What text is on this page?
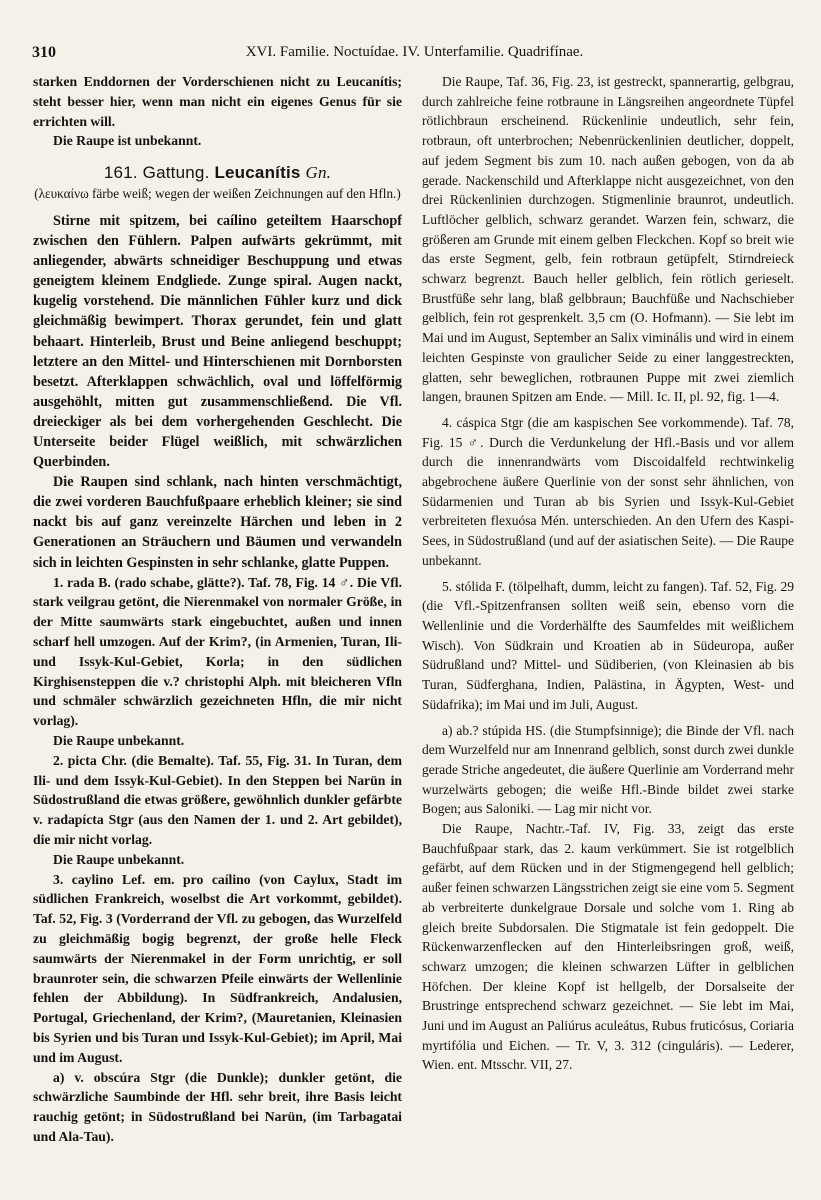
310	XVI. Familie. Noctuídae. IV. Unterfamilie. Quadrifínae.

starken Enddornen der Vorderschienen nicht zu Leucanítis; steht besser hier, wenn man nicht ein eigenes Genus für sie errichten will.

Die Raupe ist unbekannt.

161. Gattung. Leucanítis Gn.
(λευκαίνω färbe weiß; wegen der weißen Zeichnungen auf den Hfln.)

Stirne mit spitzem, bei caílino geteiltem Haarschopf zwischen den Fühlern. Palpen aufwärts gekrümmt, mit anliegender, abwärts schneidiger Beschuppung und etwas geneigtem kleinem Endgliede. Zunge spiral. Augen nackt, kugelig vorstehend. Die männlichen Fühler kurz und dick gleichmäßig bewimpert. Thorax gerundet, fein und glatt behaart. Hinterleib, Brust und Beine anliegend beschuppt; letztere an den Mittel- und Hinterschienen mit Dornborsten besetzt. Afterklappen schwächlich, oval und löffelförmig ausgehöhlt, mitten gut zusammenschließend. Die Vfl. dreieckiger als bei dem vorhergehenden Geschlecht. Die Unterseite beider Flügel weißlich, mit schwärzlichen Querbinden.

Die Raupen sind schlank, nach hinten verschmächtigt, die zwei vorderen Bauchfußpaare erheblich kleiner; sie sind nackt bis auf ganz vereinzelte Härchen und leben in 2 Generationen an Sträuchern und Bäumen und verwandeln sich in leichten Gespinsten in sehr schlanke, glatte Puppen.

1. rada B. (rado schabe, glätte?). Taf. 78, Fig. 14 ♂. Die Vfl. stark veilgrau getönt, die Nierenmakel von normaler Größe, in der Mitte saumwärts stark eingebuchtet, außen und innen scharf hell umzogen. Auf der Krim?, (in Armenien, Turan, Ili- und Issyk-Kul-Gebiet, Korla; in den südlichen Kirghisensteppen die v.? christophi Alph. mit bleicheren Vfln und schmäler schwärzlich gezeichneten Hfln, die mir nicht vorlag).

Die Raupe unbekannt.

2. picta Chr. (die Bemalte). Taf. 55, Fig. 31. In Turan, dem Ili- und dem Issyk-Kul-Gebiet). In den Steppen bei Narün in Südostrußland die etwas größere, gewöhnlich dunkler gefärbte v. radapícta Stgr (aus den Namen der 1. und 2. Art gebildet), die mir nicht vorlag.

Die Raupe unbekannt.

3. caylino Lef. em. pro caílino (von Caylux, Stadt im südlichen Frankreich, woselbst die Art vorkommt, gebildet). Taf. 52, Fig. 3 (Vorderrand der Vfl. zu gebogen, das Wurzelfeld zu gleichmäßig bogig begrenzt, der große helle Fleck saumwärts der Nierenmakel in der Form unrichtig, er soll braunroter sein, die schwarzen Pfeile einwärts der Wellenlinie fehlen der Abbildung). In Südfrankreich, Andalusien, Portugal, Griechenland, der Krim?, (Mauretanien, Kleinasien bis Syrien und bis Turan und Issyk-Kul-Gebiet); im April, Mai und im August.

a) v. obscúra Stgr (die Dunkle); dunkler getönt, die schwärzliche Saumbinde der Hfl. sehr breit, ihre Basis leicht rauchig getönt; in Südostrußland bei Narün, (im Tarbagatai und Ala-Tau).

Die Raupe, Taf. 36, Fig. 23, ist gestreckt, spannerartig, gelbgrau, durch zahlreiche feine rotbraune in Längsreihen angeordnete Tüpfel rötlichbraun erscheinend. Rückenlinie undeutlich, sehr fein, rotbraun, oft unterbrochen; Nebenrückenlinien deutlicher, doppelt, auf jedem Segment bis zum 10. nach außen gebogen, von da ab gerade. Nackenschild und Afterklappe nicht ausgezeichnet, von den drei Rückenlinien durchzogen. Stigmenlinie braunrot, undeutlich. Luftlöcher gelblich, schwarz gerandet. Warzen fein, schwarz, die größeren am Grunde mit einem gelben Fleckchen. Kopf so breit wie das erste Segment, gelb, fein rotbraun getüpfelt, Stirndreieck schwarz begrenzt. Bauch heller gelblich, fein rötlich gerieselt. Brustfüße sehr lang, blaß gelbbraun; Bauchfüße und Nachschieber gelblich, fein rot gesprenkelt. 3,5 cm (O. Hofmann). — Sie lebt im Mai und im August, September an Salix viminális und wird in einem leichten Gespinste von graulicher Seide zu einer langgestreckten, glatten, sehr beweglichen, rotbraunen Puppe mit zwei ziemlich langen, braunen Spitzen am Ende. — Mill. Ic. II, pl. 92, fig. 1—4.

4. cáspica Stgr (die am kaspischen See vorkommende). Taf. 78, Fig. 15 ♂. Durch die Verdunkelung der Hfl.-Basis und vor allem durch die innenrandwärts vom Discoidalfeld rechtwinkelig abgebrochene äußere Querlinie von der sonst sehr ähnlichen, von Südarmenien und Turan ab bis Syrien und Issyk-Kul-Gebiet verbreiteten flexuósa Mén. unterschieden. An den Ufern des Kaspi-Sees, in Südostrußland (und auf der asiatischen Seite). — Die Raupe unbekannt.

5. stólida F. (tölpelhaft, dumm, leicht zu fangen). Taf. 52, Fig. 29 (die Vfl.-Spitzenfransen sollten weiß sein, ebenso vorn die Wellenlinie und die Vorderhälfte des Saumfeldes mit weißlichem Wisch). Von Südkrain und Kroatien ab in Südeuropa, außer Südrußland und? Mittel- und Südiberien, (von Kleinasien ab bis Turan, Südferghana, Indien, Palästina, in Ägypten, West- und Südafrika); im Mai und im Juli, August.

a) ab.? stúpida HS. (die Stumpfsinnige); die Binde der Vfl. nach dem Wurzelfeld nur am Innenrand gelblich, sonst durch zwei dunkle gerade Striche angedeutet, die äußere Querlinie am Vorderrand mehr wurzelwärts gebogen; die weiße Hfl.-Binde bildet zwei starke Bogen; aus Saloniki. — Lag mir nicht vor.

Die Raupe, Nachtr.-Taf. IV, Fig. 33, zeigt das erste Bauchfußpaar stark, das 2. kaum verkümmert. Sie ist rotgelblich gefärbt, auf dem Rücken und in der Stigmengegend hell gelblich; außer feinen schwarzen Längsstrichen zeigt sie eine vom 5. Segment ab verbreiterte dunkelgraue Dorsale und solche vom 1. Ring ab gleich breite Subdorsalen. Die Stigmatale ist fein gedoppelt. Die Rückenwarzenflecken auf den Hinterleibsringen groß, weiß, schwarz umzogen; die kleinen schwarzen Lüfter in gelblichen Höfchen. Der kleine Kopf ist hellgelb, der Dorsalseite der Brustringe entsprechend schwarz gezeichnet. — Sie lebt im Mai, Juni und im August an Paliúrus aculeátus, Rubus fruticósus, Coriaria myrtifólia und Eichen. — Tr. V, 3. 312 (cinguláris). — Lederer, Wien. ent. Mtsschr. VII, 27.
